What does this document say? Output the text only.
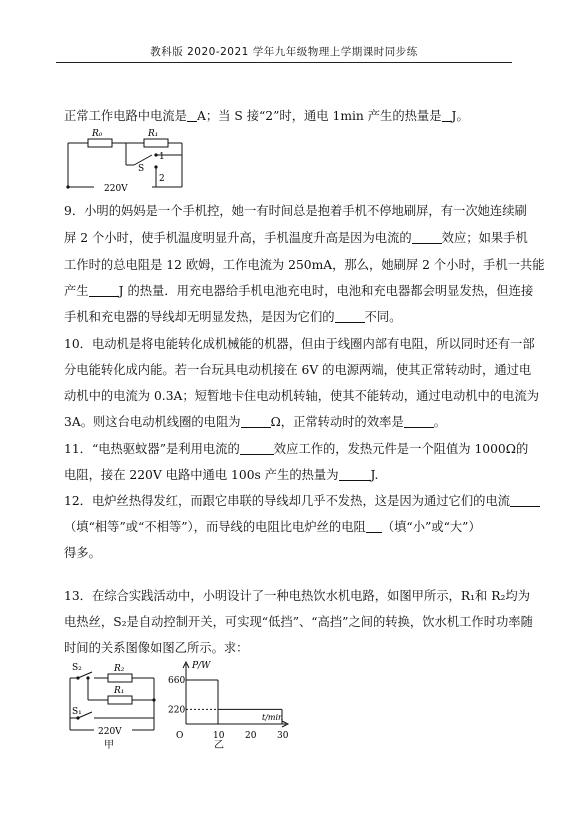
教科版 2020-2021 学年九年级物理上学期课时同步练
正常工作电路中电流是 A；当 S 接“2”时，通电 1min 产生的热量是 J。
9．小明的妈妈是一个手机控，她一有时间总是抱着手机不停地刷屏，有一次她连续刷
屏 2 个小时，使手机温度明显升高，手机温度升高是因为电流的 效应；如果手机
工作时的总电阻是 12 欧姆，工作电流为 250mA，那么，她刷屏 2 个小时，手机一共能
产生 J 的热量．用充电器给手机电池充电时，电池和充电器都会明显发热，但连接
手机和充电器的导线却无明显发热，是因为它们的 不同。
10．电动机是将电能转化成机械能的机器，但由于线圈内部有电阻，所以同时还有一部
分电能转化成内能。若一台玩具电动机接在 6V 的电源两端，使其正常转动时，通过电
动机中的电流为 0.3A；短暂地卡住电动机转轴，使其不能转动，通过电动机中的电流为
3A。则这台电动机线圈的电阻为 Ω，正常转动时的效率是 。
11．“电热驱蚊器”是利用电流的	效应工作的，发热元件是一个阻值为 1000Ω的
电阻，接在 220V 电路中通电 100s 产生的热量为	J.
12．电炉丝热得发红，而跟它串联的导线却几乎不发热，这是因为通过它们的电流
（填“相等”或“不相等”），而导线的电阻比电炉丝的电阻 （填“小”或“大”）
得多。
13．在综合实践活动中，小明设计了一种电热饮水机电路，如图甲所示，R₁和 R₂均为
电热丝，S₂是自动控制开关，可实现“低挡”、“高挡”之间的转换，饮水机工作时功率随
时间的关系图像如图乙所示。求：
R₀	R₁
S
1
2
220V
S₂	R₂
R₁
S₁
220V
甲
P/W
t/min
660
220
O	10 20 30
乙
